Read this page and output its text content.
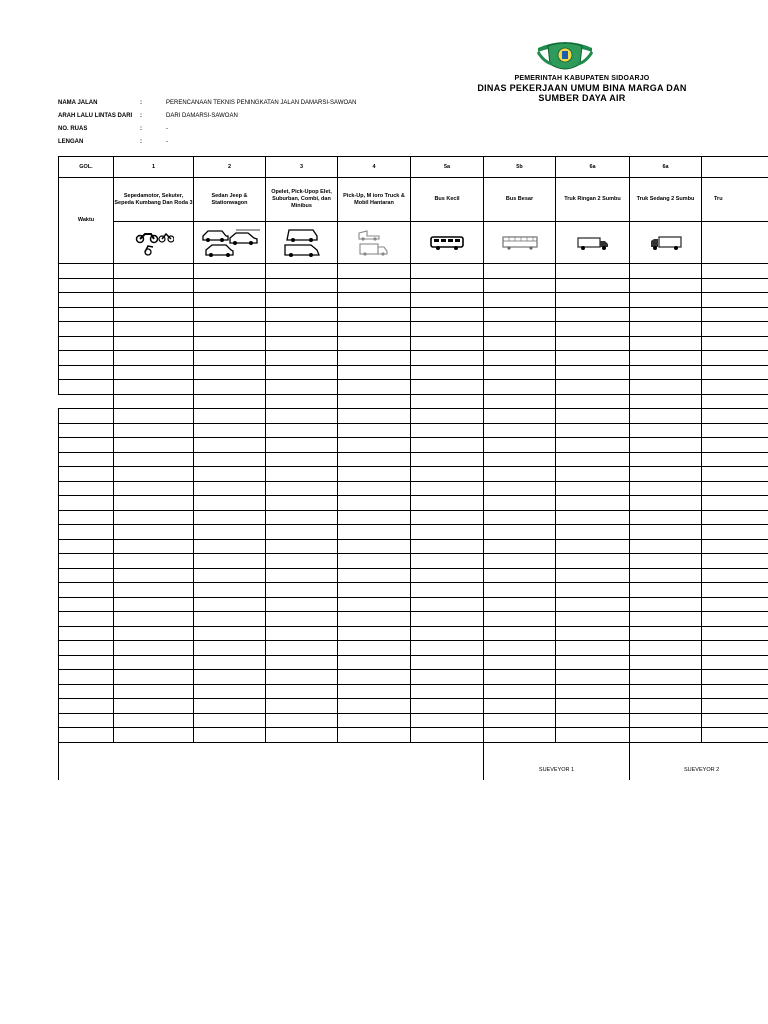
PEMERINTAH KABUPATEN SIDOARJO
DINAS PEKERJAAN UMUM BINA MARGA DAN
SUMBER DAYA AIR
NAMA JALAN	:	PERENCANAAN TEKNIS PENINGKATAN JALAN DAMARSI-SAWOAN
ARAH LALU LINTAS DARI :	DARI DAMARSI-SAWOAN
NO. RUAS	:	-
LENGAN	:	-
GOL.	1	2	3	4	5a	5b	6a	6a	
Waktu	Sepedamotor, Sekuter, Sepeda Kumbang Dan Roda 3	Sedan Jeep & Stationwagon	Opelet, Pick-Upop Elet, Suburban, Combi, dan Minibus	Pick-Up, M ioro Truck & Mobil Hantaran	Bus Kecil	Bus Besar	Truk Ringan 2 Sumbu	Truk Sedang 2 Sumbu	Tru

						SUEVEYOR 1		SUEVEYOR 2	
